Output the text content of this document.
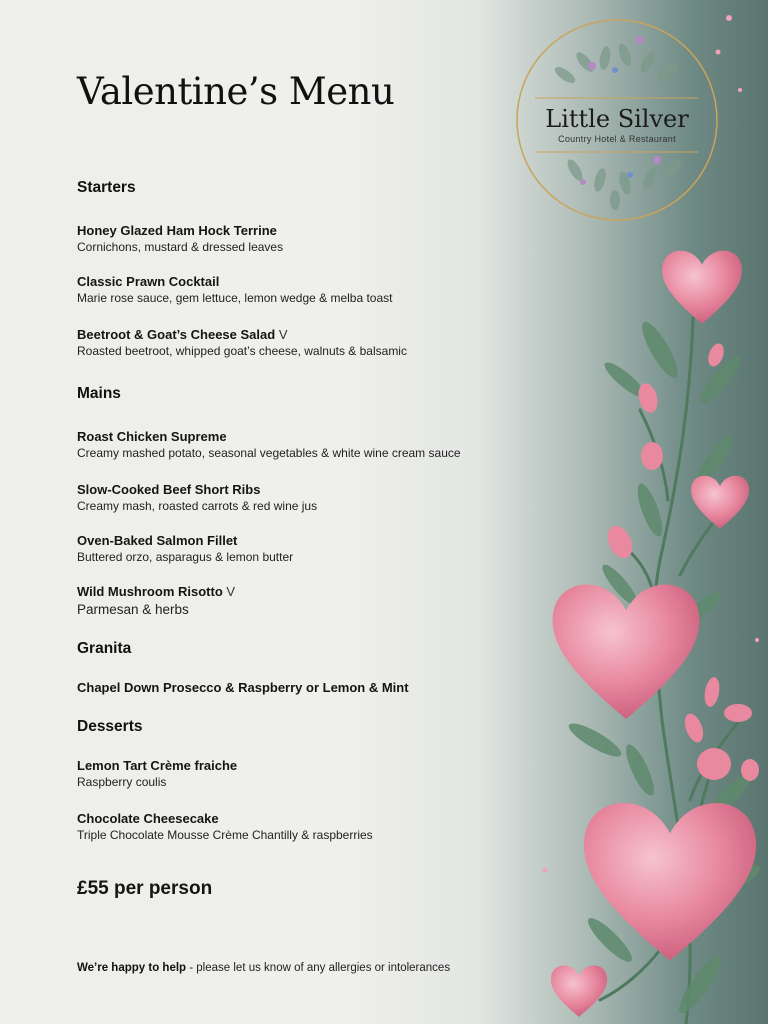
Little Silver
Country Hotel & Restaurant
Valentine’s Menu
Starters
Honey Glazed Ham Hock Terrine
Cornichons, mustard & dressed leaves
Classic Prawn Cocktail
Marie rose sauce, gem lettuce, lemon wedge & melba toast
Beetroot & Goat’s Cheese Salad V
Roasted beetroot, whipped goat’s cheese, walnuts & balsamic
Mains
Roast Chicken Supreme
Creamy mashed potato, seasonal vegetables & white wine cream sauce
Slow-Cooked Beef Short Ribs
Creamy mash, roasted carrots & red wine jus
Oven-Baked Salmon Fillet
Buttered orzo, asparagus & lemon butter
Wild Mushroom Risotto V
Parmesan & herbs
Granita
Chapel Down Prosecco & Raspberry or Lemon & Mint
Desserts
Lemon Tart Crème fraiche
Raspberry coulis
Chocolate Cheesecake
Triple Chocolate Mousse Crème Chantilly & raspberries
£55 per person
We’re happy to help - please let us know of any allergies or intolerances
